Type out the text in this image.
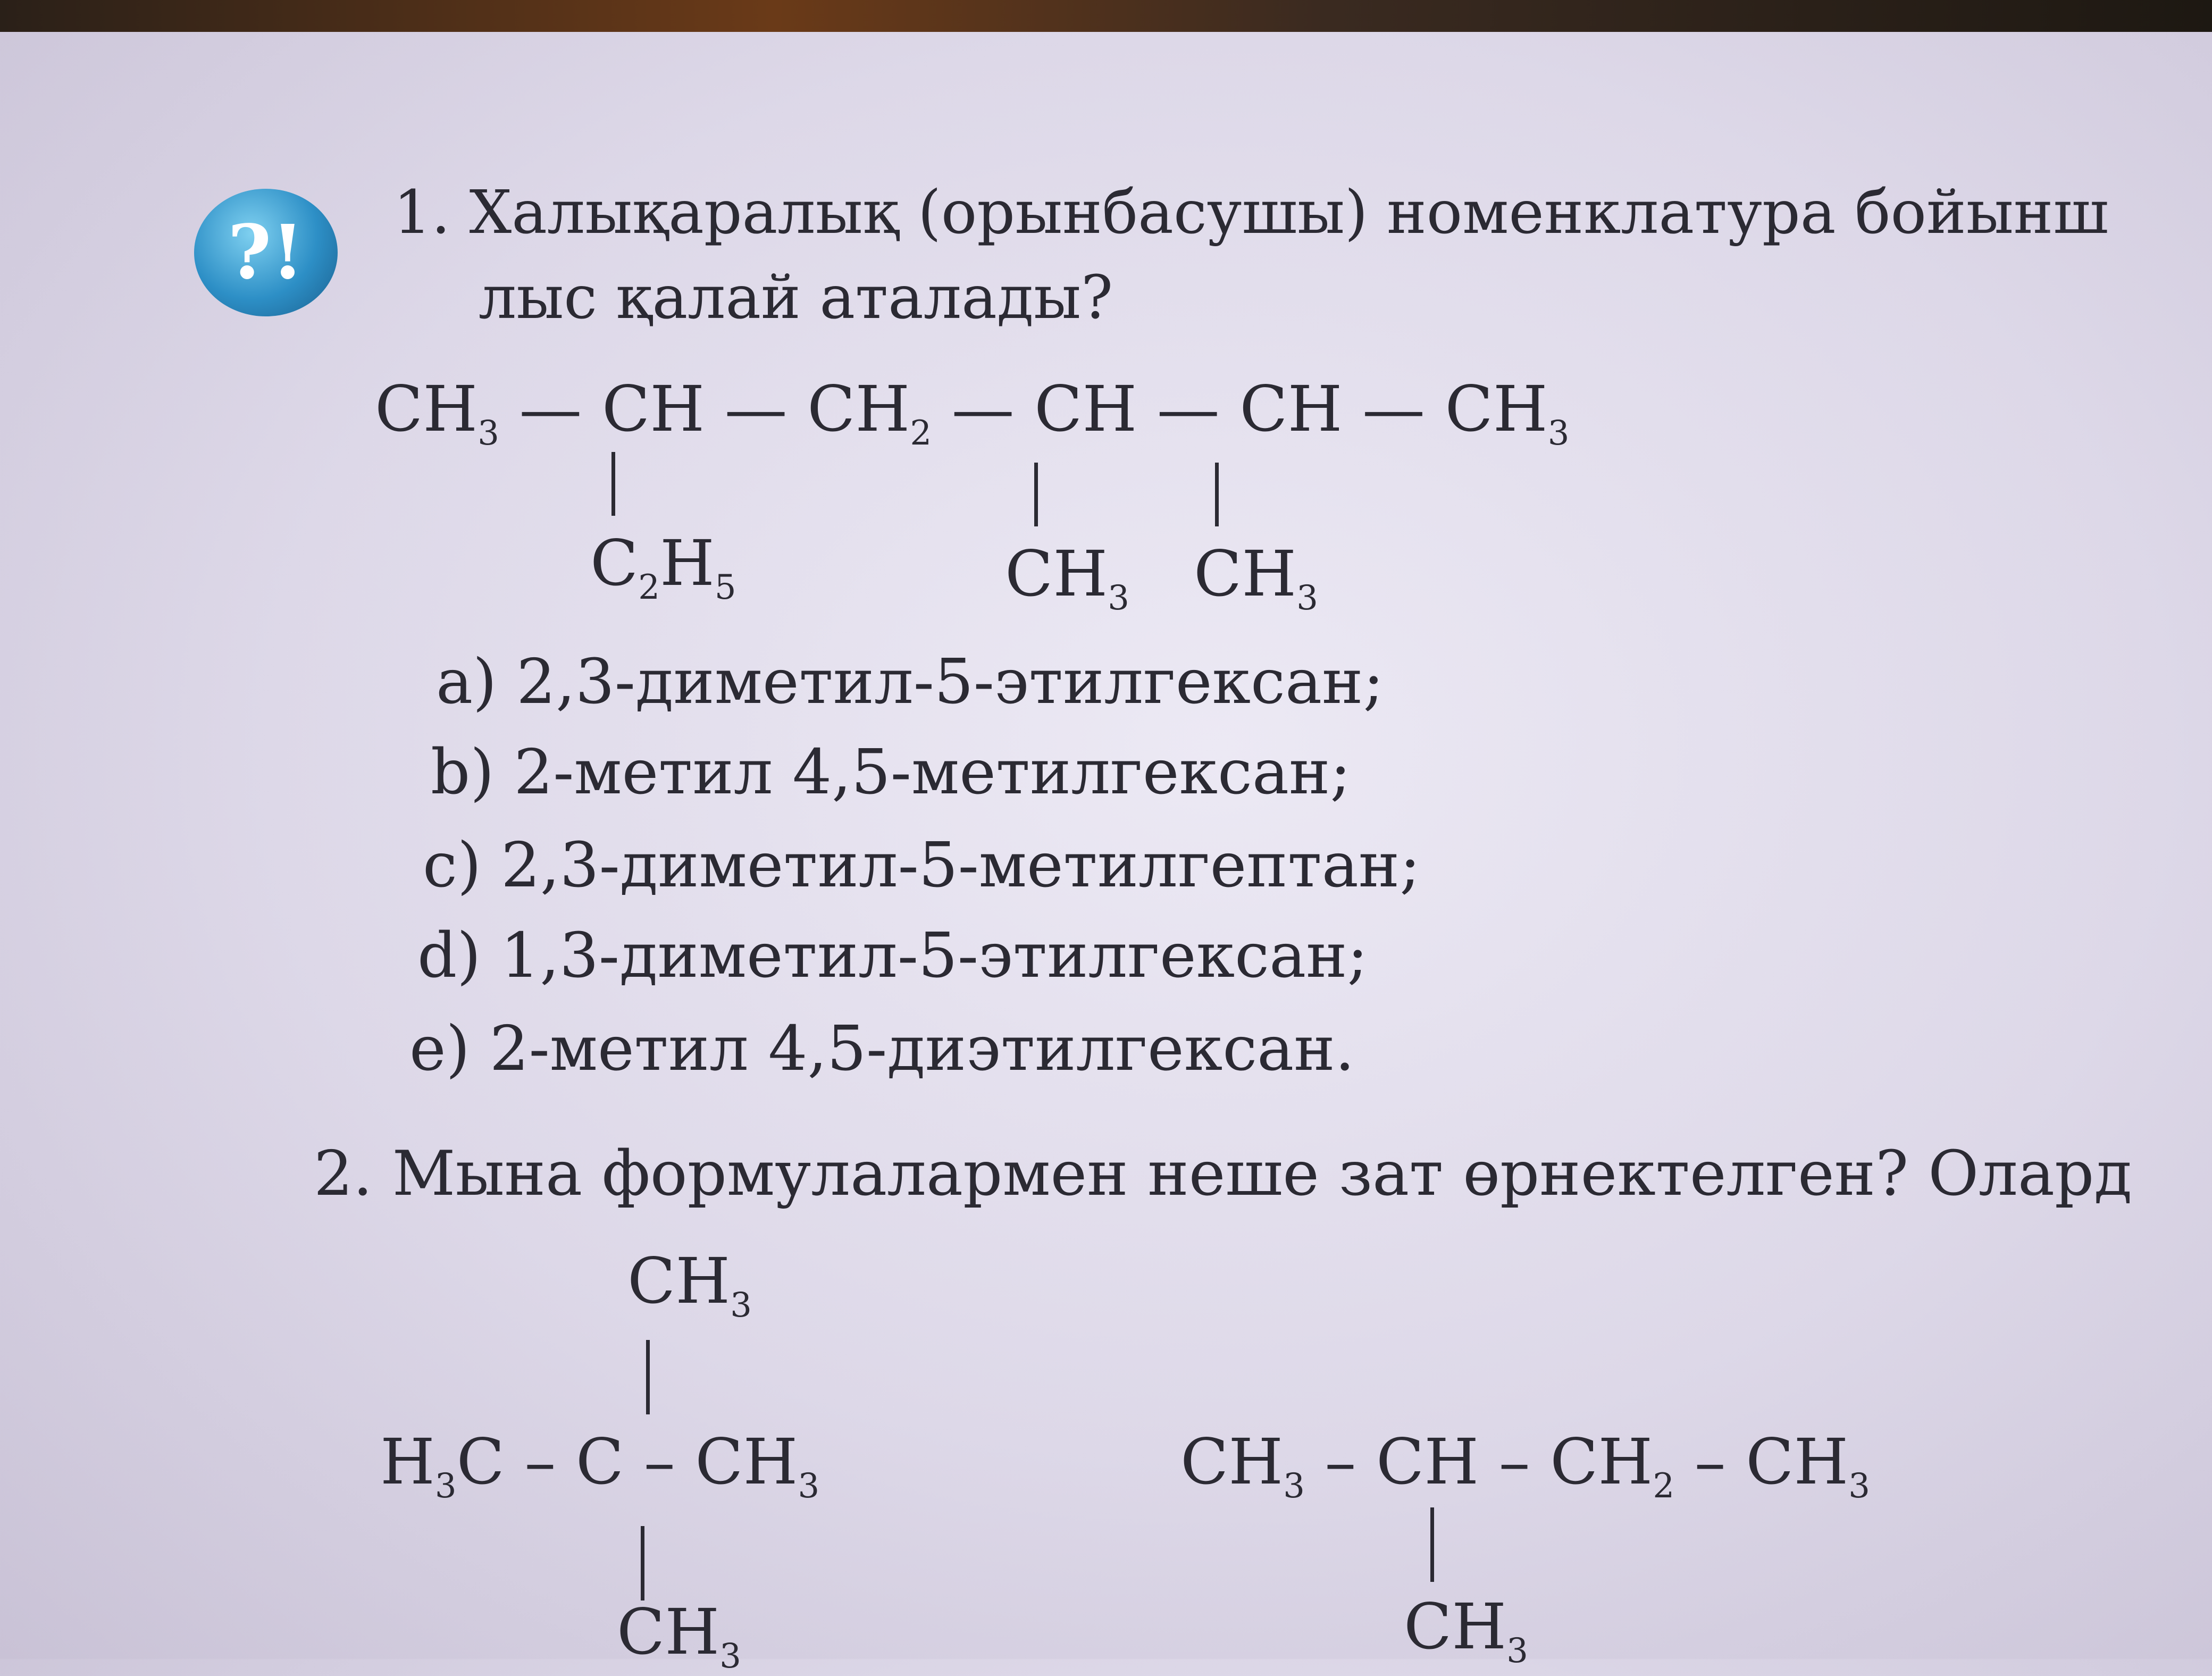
?!	1. Халықаралық (орынбасушы) номенклатура бойынш
лыс қалай аталады?
$CH_3$ — CH — $CH_2$ — CH — CH — $CH_3$
$C_2H_5$	$CH_3$ $CH_3$
a) 2,3-диметил-5-этилгексан;
b) 2-метил 4,5-метилгексан;
c) 2,3-диметил-5-метилгептан;
d) 1,3-диметил-5-этилгексан;
e) 2-метил 4,5-диэтилгексан.
2. Мына формулалармен неше зат өрнектелген? Олард
$CH_3$
$H_3C$ – C – $CH_3$
$CH_3$
$CH_3$ – CH – $CH_2 - CH_3$
$CH_3$
